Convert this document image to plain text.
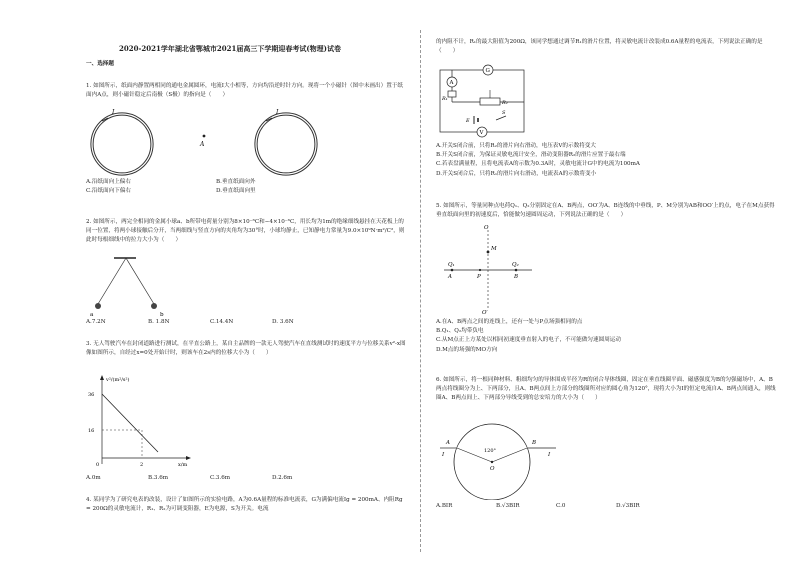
2020-2021学年湖北省鄂城市2021届高三下学期迎春考试(物理)试卷

一、选择题

1. 如图所示，纸面内静置两相同的通电金属圆环，电流I大小相等，方向均沿逆时针方向。现将一个小磁针（图中未画出）置于纸面内A点，则小磁针稳定后南极（S极）的指向是（　　）

I	I
A
A.沿纸面向上偏右	B.垂直纸面向外
C.沿纸面向下偏右	D.垂直纸面向里

2. 如图所示，两完全相同的金属小球a、b所带电荷量分别为8×10⁻⁶C和−4×10⁻⁶C，用长均为1m的绝缘细线悬挂在天花板上的同一位置，将两小球接触后分开，当两细线与竖直方向的夹角均为30°时，小球均静止，已知静电力常量为9.0×10⁹N·m²/C²，则此时每根细线中的拉力大小为（　　）

a	b
A.7.2N	B. 1.8N	C.14.4N	D. 3.6N

3. 无人驾驶汽车在封闭道路进行测试，在平直公路上，某自主品牌的一款无人驾驶汽车在直线测试时的速度平方与位移关系v²-x图像如图所示，自经过x=0处开始计时，则该车在2s内的位移大小为（　　）

v²/(m²/s²)
36
16
0	2	x/m
A.0m	B.3.6m	C.3.6m	D.2.6m

4. 某同学为了研究电表的改装，设计了如图所示的实验电路，A为0.6A量程的标准电流表，G为满偏电流Ig = 200mA、内阻Rg = 200Ω的灵敏电流计，R₁、R₂为可调变阻器，E为电源，S为开关。电流

的内阻不计，R₁的最大阻值为200Ω，该同学想通过调节R₁的滑片位置，将灵敏电流计改装成0.6A量程的电流表，下列说法正确的是（　　）

A
G
V
R₁
R₂
E
S

A.开关S闭合前，只将R₂的滑片向右滑动，电压表V的示数将变大

B.开关S闭合前，为保证灵敏电流计安全，滑动变阻器R₂的滑片应置于最右端

C.若表盘满量程，且将电流表A的示数为0.3A时，灵敏电流计G中的电流为100mA

D.开关S闭合后，只将R₁的滑片向右滑动，电流表A的示数将变小

5. 如图所示，等量同种点电荷Q₁、Q₂分别固定在A、B两点，OO′为A、B连线的中垂线，P、M分别为AB和OO′上的点，电子在M点获得垂直纸面向里的初速度后，恰能做匀速圆周运动，下列说法正确的是（　　）

O
M
Q₁	Q₂
A	P	B
O′

A.在A、B两点之间的连线上，还有一处与P点场强相同的点

B.Q₁、Q₂均带负电

C.从M点正上方某处以相同初速度垂直射入的电子，不可能做匀速圆周运动

D.M点的场强的MO方向

6. 如图所示，将一根同种材料、粗细均匀的导体围成半径为R的闭合导体线圈，固定在垂直线圈平面、磁感强度为B的匀强磁场中，A、B两点将线圈分为上、下两部分，且A、B两点间上方部分的线圈所对应的圆心角为120°，现将大小为I的恒定电流自A、B两点间通入，则线圈A、B两点间上、下两部分导线受到的总安培力的大小为（　　）

A	B
O
120°
I	I
A.BIR	B.√3BIR	C.0	D.√3BIR
